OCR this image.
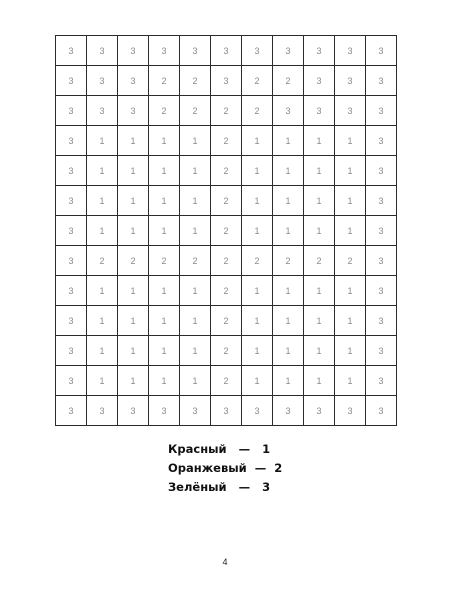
3	3	3	3	3	3	3	3	3	3	3
3	3	3	2	2	3	2	2	3	3	3
3	3	3	2	2	2	2	3	3	3	3
3	1	1	1	1	2	1	1	1	1	3
3	1	1	1	1	2	1	1	1	1	3
3	1	1	1	1	2	1	1	1	1	3
3	1	1	1	1	2	1	1	1	1	3
3	2	2	2	2	2	2	2	2	2	3
3	1	1	1	1	2	1	1	1	1	3
3	1	1	1	1	2	1	1	1	1	3
3	1	1	1	1	2	1	1	1	1	3
3	1	1	1	1	2	1	1	1	1	3
3	3	3	3	3	3	3	3	3	3	3
Красный — 1
Оранжевый — 2
Зелёный — 3
4
